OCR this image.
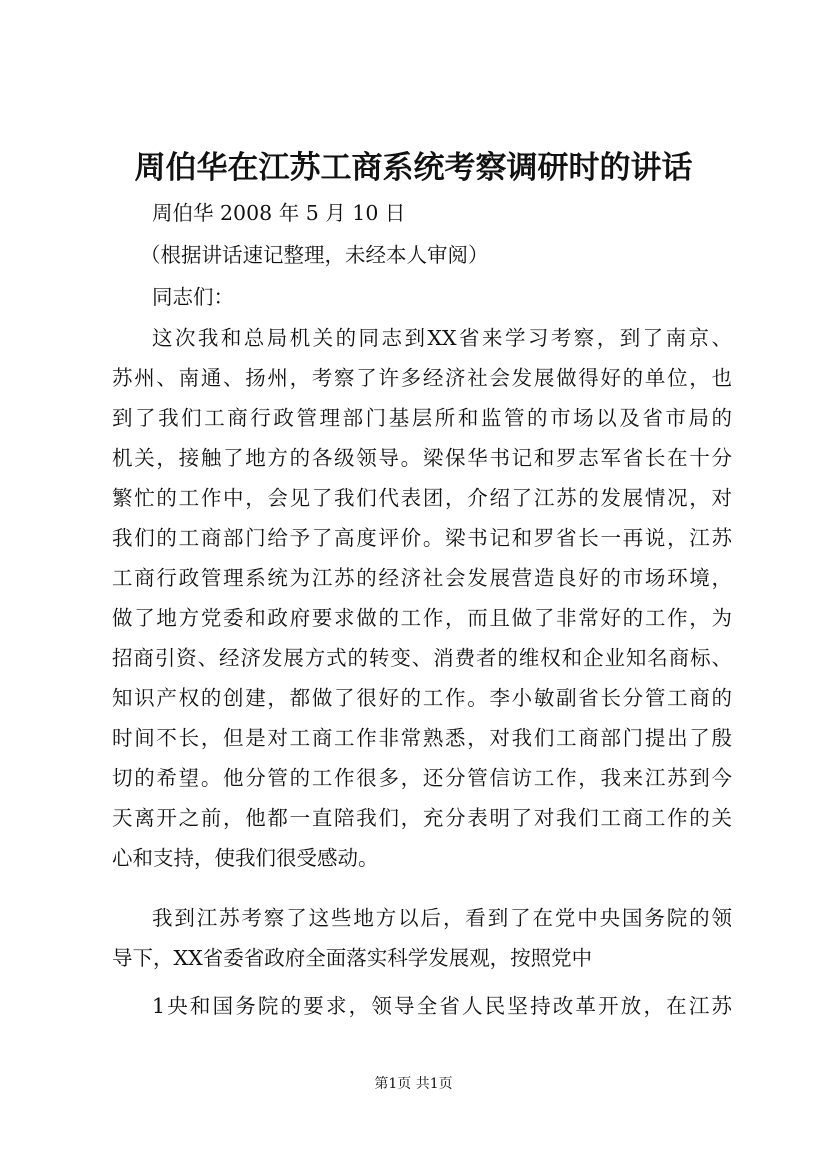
周伯华在江苏工商系统考察调研时的讲话
周伯华 2008 年 5 月 10 日
（根据讲话速记整理，未经本人审阅）
同志们：
这次我和总局机关的同志到XX省来学习考察，到了南京、
苏州、南通、扬州，考察了许多经济社会发展做得好的单位，也
到了我们工商行政管理部门基层所和监管的市场以及省市局的
机关，接触了地方的各级领导。梁保华书记和罗志军省长在十分
繁忙的工作中，会见了我们代表团，介绍了江苏的发展情况，对
我们的工商部门给予了高度评价。梁书记和罗省长一再说，江苏
工商行政管理系统为江苏的经济社会发展营造良好的市场环境，
做了地方党委和政府要求做的工作，而且做了非常好的工作，为
招商引资、经济发展方式的转变、消费者的维权和企业知名商标、
知识产权的创建，都做了很好的工作。李小敏副省长分管工商的
时间不长，但是对工商工作非常熟悉，对我们工商部门提出了殷
切的希望。他分管的工作很多，还分管信访工作，我来江苏到今
天离开之前，他都一直陪我们，充分表明了对我们工商工作的关
心和支持，使我们很受感动。
我到江苏考察了这些地方以后，看到了在党中央国务院的领
导下，XX省委省政府全面落实科学发展观，按照党中
1央和国务院的要求，领导全省人民坚持改革开放，在江苏
第1页 共1页
